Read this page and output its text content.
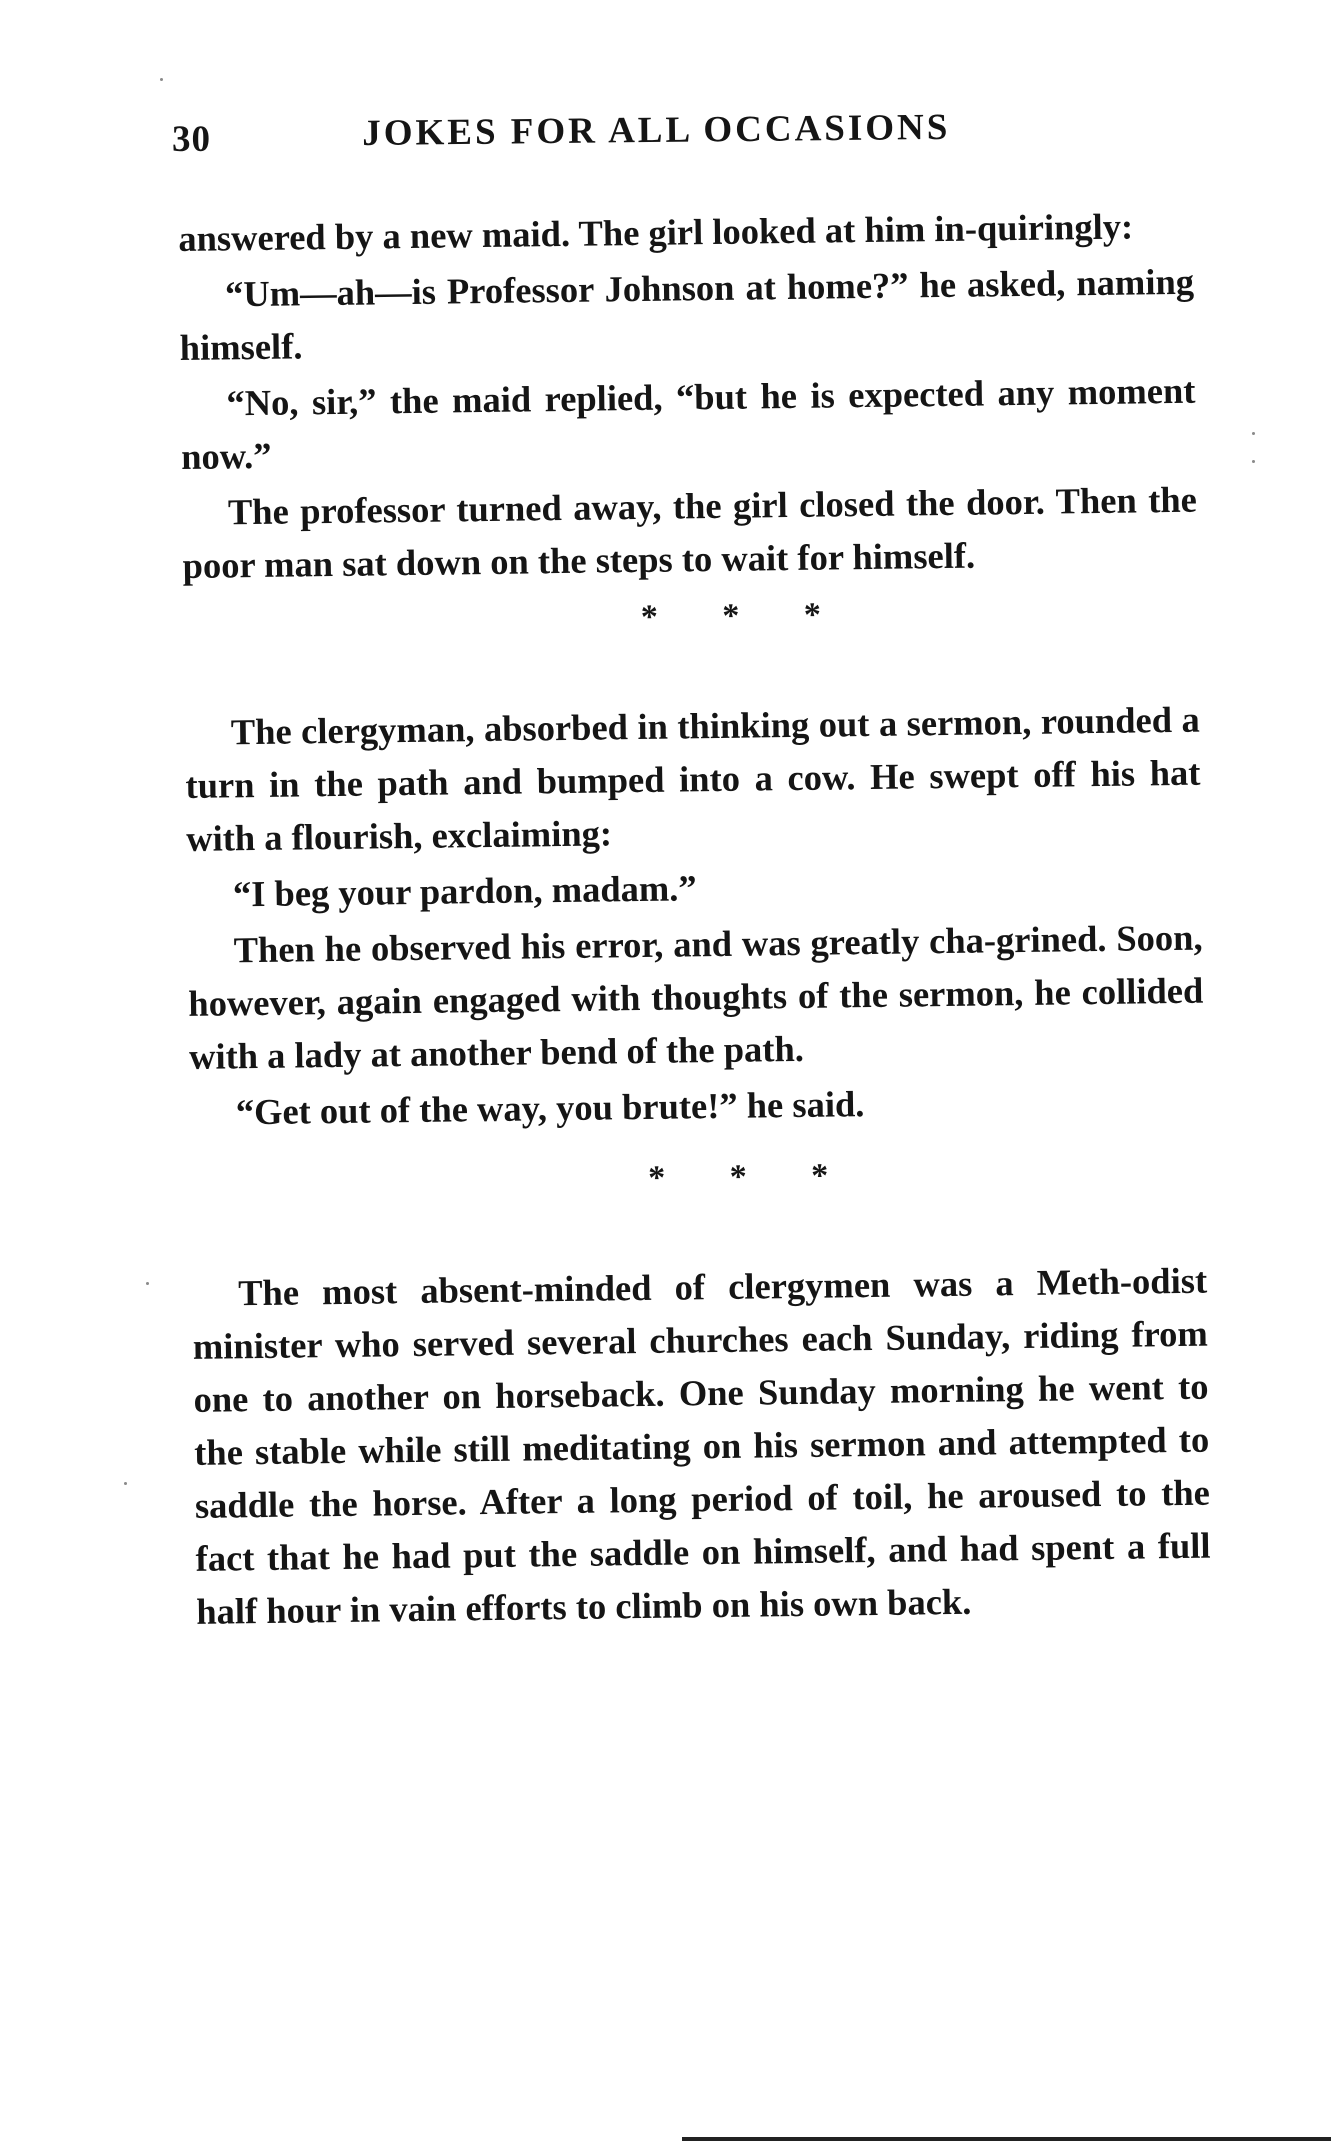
30	JOKES FOR ALL OCCASIONS

answered by a new maid. The girl looked at him in-quiringly:

“Um—ah—is Professor Johnson at home?” he asked, naming himself.

“No, sir,” the maid replied, “but he is expected any moment now.”

The professor turned away, the girl closed the door. Then the poor man sat down on the steps to wait for himself.

* * *

The clergyman, absorbed in thinking out a sermon, rounded a turn in the path and bumped into a cow. He swept off his hat with a flourish, exclaiming:

“I beg your pardon, madam.”

Then he observed his error, and was greatly cha-grined. Soon, however, again engaged with thoughts of the sermon, he collided with a lady at another bend of the path.

“Get out of the way, you brute!” he said.

* * *

The most absent-minded of clergymen was a Meth-odist minister who served several churches each Sunday, riding from one to another on horseback. One Sunday morning he went to the stable while still meditating on his sermon and attempted to saddle the horse. After a long period of toil, he aroused to the fact that he had put the saddle on himself, and had spent a full half hour in vain efforts to climb on his own back.
